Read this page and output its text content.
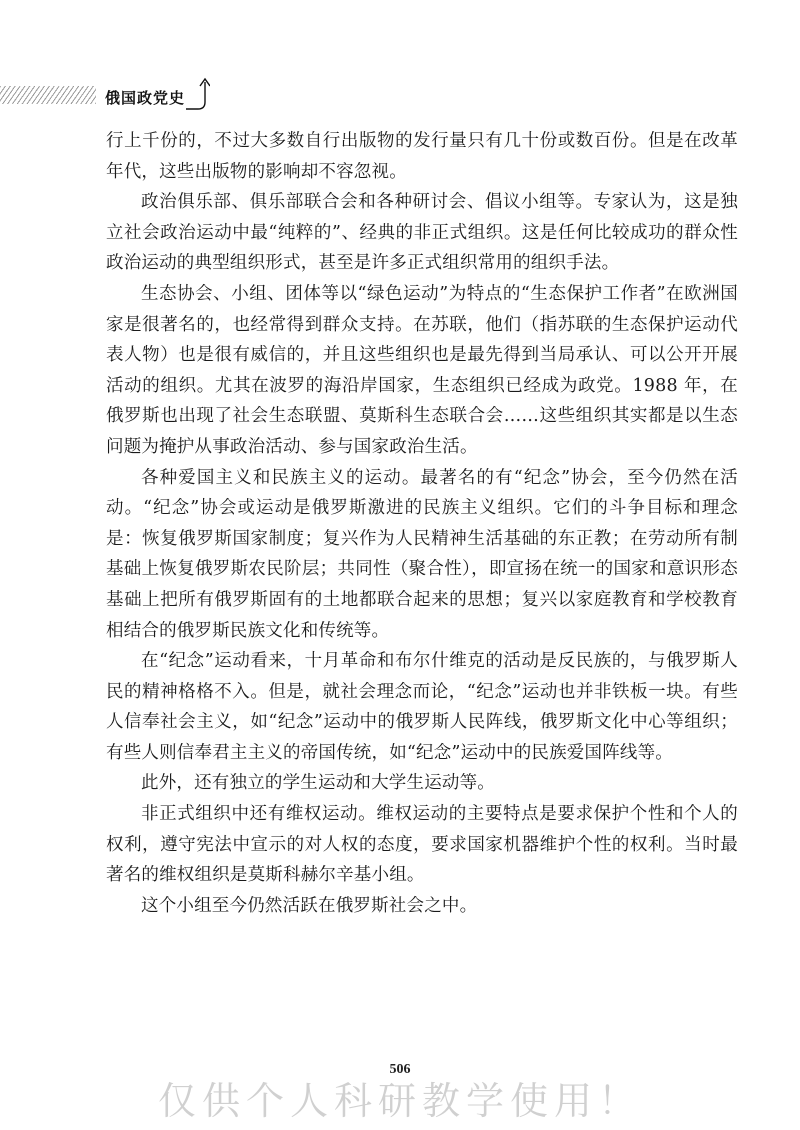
俄国政党史

行上千份的，不过大多数自行出版物的发行量只有几十份或数百份。但是在改革年代，这些出版物的影响却不容忽视。

政治俱乐部、俱乐部联合会和各种研讨会、倡议小组等。专家认为，这是独立社会政治运动中最“纯粹的”、经典的非正式组织。这是任何比较成功的群众性政治运动的典型组织形式，甚至是许多正式组织常用的组织手法。

生态协会、小组、团体等以“绿色运动”为特点的“生态保护工作者”在欧洲国家是很著名的，也经常得到群众支持。在苏联，他们（指苏联的生态保护运动代表人物）也是很有威信的，并且这些组织也是最先得到当局承认、可以公开开展活动的组织。尤其在波罗的海沿岸国家，生态组织已经成为政党。1988 年，在俄罗斯也出现了社会生态联盟、莫斯科生态联合会……这些组织其实都是以生态问题为掩护从事政治活动、参与国家政治生活。

各种爱国主义和民族主义的运动。最著名的有“纪念”协会，至今仍然在活动。“纪念”协会或运动是俄罗斯激进的民族主义组织。它们的斗争目标和理念是：恢复俄罗斯国家制度；复兴作为人民精神生活基础的东正教；在劳动所有制基础上恢复俄罗斯农民阶层；共同性（聚合性），即宣扬在统一的国家和意识形态基础上把所有俄罗斯固有的土地都联合起来的思想；复兴以家庭教育和学校教育相结合的俄罗斯民族文化和传统等。

在“纪念”运动看来，十月革命和布尔什维克的活动是反民族的，与俄罗斯人民的精神格格不入。但是，就社会理念而论，“纪念”运动也并非铁板一块。有些人信奉社会主义，如“纪念”运动中的俄罗斯人民阵线，俄罗斯文化中心等组织；有些人则信奉君主主义的帝国传统，如“纪念”运动中的民族爱国阵线等。

此外，还有独立的学生运动和大学生运动等。

非正式组织中还有维权运动。维权运动的主要特点是要求保护个性和个人的权利，遵守宪法中宣示的对人权的态度，要求国家机器维护个性的权利。当时最著名的维权组织是莫斯科赫尔辛基小组。

这个小组至今仍然活跃在俄罗斯社会之中。

506
仅供个人科研教学使用！
